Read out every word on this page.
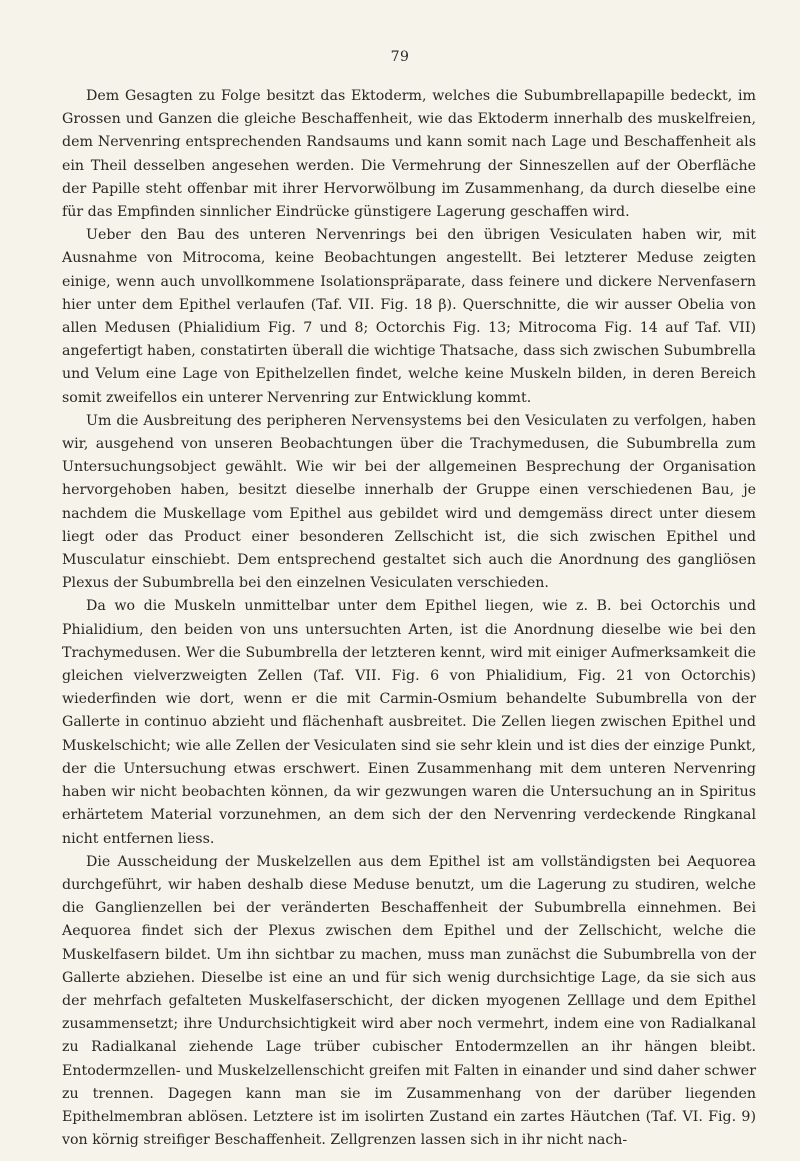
79

Dem Gesagten zu Folge besitzt das Ektoderm, welches die Subumbrellapapille bedeckt, im Grossen und Ganzen die gleiche Beschaffenheit, wie das Ektoderm innerhalb des muskelfreien, dem Nervenring entsprechenden Randsaums und kann somit nach Lage und Beschaffenheit als ein Theil desselben angesehen werden. Die Vermehrung der Sinneszellen auf der Oberfläche der Papille steht offenbar mit ihrer Hervorwölbung im Zusammenhang, da durch dieselbe eine für das Empfinden sinnlicher Eindrücke günstigere Lagerung geschaffen wird.

Ueber den Bau des unteren Nervenrings bei den übrigen Vesiculaten haben wir, mit Ausnahme von Mitrocoma, keine Beobachtungen angestellt. Bei letzterer Meduse zeigten einige, wenn auch unvollkommene Isolationspräparate, dass feinere und dickere Nervenfasern hier unter dem Epithel verlaufen (Taf. VII. Fig. 18 β). Querschnitte, die wir ausser Obelia von allen Medusen (Phialidium Fig. 7 und 8; Octorchis Fig. 13; Mitrocoma Fig. 14 auf Taf. VII) angefertigt haben, constatirten überall die wichtige Thatsache, dass sich zwischen Subumbrella und Velum eine Lage von Epithelzellen findet, welche keine Muskeln bilden, in deren Bereich somit zweifellos ein unterer Nervenring zur Entwicklung kommt.

Um die Ausbreitung des peripheren Nervensystems bei den Vesiculaten zu verfolgen, haben wir, ausgehend von unseren Beobachtungen über die Trachymedusen, die Subumbrella zum Untersuchungsobject gewählt. Wie wir bei der allgemeinen Besprechung der Organisation hervorgehoben haben, besitzt dieselbe innerhalb der Gruppe einen verschiedenen Bau, je nachdem die Muskellage vom Epithel aus gebildet wird und demgemäss direct unter diesem liegt oder das Product einer besonderen Zellschicht ist, die sich zwischen Epithel und Musculatur einschiebt. Dem entsprechend gestaltet sich auch die Anordnung des gangliösen Plexus der Subumbrella bei den einzelnen Vesiculaten verschieden.

Da wo die Muskeln unmittelbar unter dem Epithel liegen, wie z. B. bei Octorchis und Phialidium, den beiden von uns untersuchten Arten, ist die Anordnung dieselbe wie bei den Trachymedusen. Wer die Subumbrella der letzteren kennt, wird mit einiger Aufmerksamkeit die gleichen vielverzweigten Zellen (Taf. VII. Fig. 6 von Phialidium, Fig. 21 von Octorchis) wiederfinden wie dort, wenn er die mit Carmin-Osmium behandelte Subumbrella von der Gallerte in continuo abzieht und flächenhaft ausbreitet. Die Zellen liegen zwischen Epithel und Muskelschicht; wie alle Zellen der Vesiculaten sind sie sehr klein und ist dies der einzige Punkt, der die Untersuchung etwas erschwert. Einen Zusammenhang mit dem unteren Nervenring haben wir nicht beobachten können, da wir gezwungen waren die Untersuchung an in Spiritus erhärtetem Material vorzunehmen, an dem sich der den Nervenring verdeckende Ringkanal nicht entfernen liess.

Die Ausscheidung der Muskelzellen aus dem Epithel ist am vollständigsten bei Aequorea durchgeführt, wir haben deshalb diese Meduse benutzt, um die Lagerung zu studiren, welche die Ganglienzellen bei der veränderten Beschaffenheit der Subumbrella einnehmen. Bei Aequorea findet sich der Plexus zwischen dem Epithel und der Zellschicht, welche die Muskelfasern bildet. Um ihn sichtbar zu machen, muss man zunächst die Subumbrella von der Gallerte abziehen. Dieselbe ist eine an und für sich wenig durchsichtige Lage, da sie sich aus der mehrfach gefalteten Muskelfaserschicht, der dicken myogenen Zelllage und dem Epithel zusammensetzt; ihre Undurchsichtigkeit wird aber noch vermehrt, indem eine von Radialkanal zu Radialkanal ziehende Lage trüber cubischer Entodermzellen an ihr hängen bleibt. Entodermzellen- und Muskelzellenschicht greifen mit Falten in einander und sind daher schwer zu trennen. Dagegen kann man sie im Zusammenhang von der darüber liegenden Epithelmembran ablösen. Letztere ist im isolirten Zustand ein zartes Häutchen (Taf. VI. Fig. 9) von körnig streifiger Beschaffenheit. Zellgrenzen lassen sich in ihr nicht nach-
